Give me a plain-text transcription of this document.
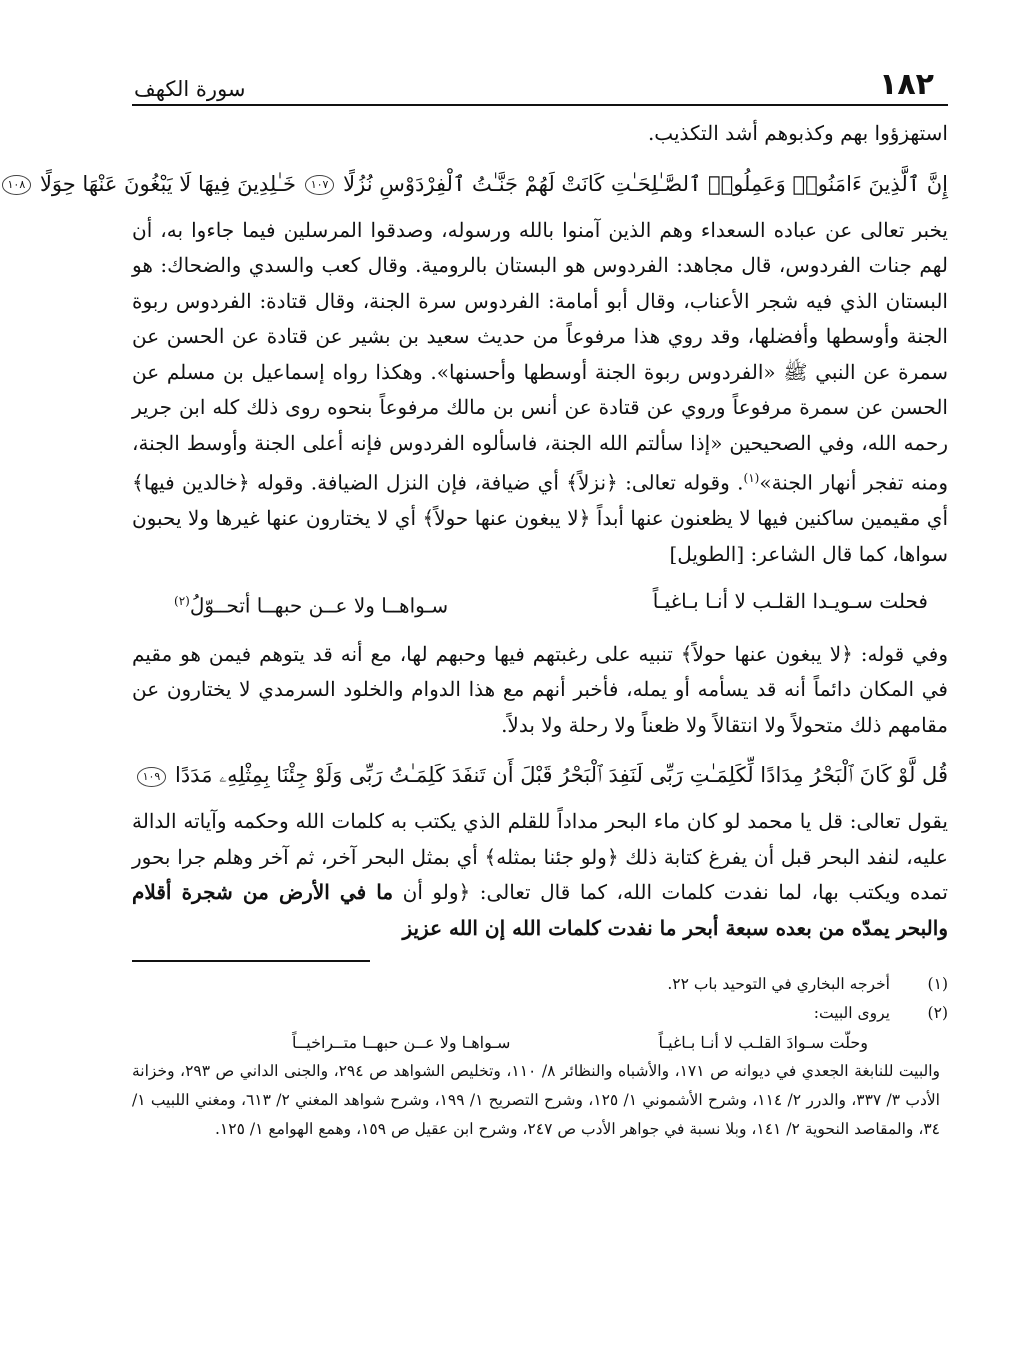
١٨٢
سورة الكهف

استهزؤوا بهم وكذبوهم أشد التكذيب.

إِنَّ ٱلَّذِينَ ءَامَنُوا۟ وَعَمِلُوا۟ ٱلصَّـٰلِحَـٰتِ كَانَتْ لَهُمْ جَنَّـٰتُ ٱلْفِرْدَوْسِ نُزُلًا ١٠٧ خَـٰلِدِينَ فِيهَا لَا يَبْغُونَ عَنْهَا حِوَلًا ١٠٨

يخبر تعالى عن عباده السعداء وهم الذين آمنوا بالله ورسوله، وصدقوا المرسلين فيما جاءوا به، أن لهم جنات الفردوس، قال مجاهد: الفردوس هو البستان بالرومية. وقال كعب والسدي والضحاك: هو البستان الذي فيه شجر الأعناب، وقال أبو أمامة: الفردوس سرة الجنة، وقال قتادة: الفردوس ربوة الجنة وأوسطها وأفضلها، وقد روي هذا مرفوعاً من حديث سعيد بن بشير عن قتادة عن الحسن عن سمرة عن النبي ﷺ «الفردوس ربوة الجنة أوسطها وأحسنها». وهكذا رواه إسماعيل بن مسلم عن الحسن عن سمرة مرفوعاً وروي عن قتادة عن أنس بن مالك مرفوعاً بنحوه روى ذلك كله ابن جرير رحمه الله، وفي الصحيحين «إذا سألتم الله الجنة، فاسألوه الفردوس فإنه أعلى الجنة وأوسط الجنة، ومنه تفجر أنهار الجنة»$^{(١)}$. وقوله تعالى: ﴿نزلاً﴾ أي ضيافة، فإن النزل الضيافة. وقوله ﴿خالدين فيها﴾ أي مقيمين ساكنين فيها لا يظعنون عنها أبداً ﴿لا يبغون عنها حولاً﴾ أي لا يختارون عنها غيرها ولا يحبون سواها، كما قال الشاعر: [الطويل]

فحلت سـويـدا القلـب لا أنـا بـاغيـاً
سـواهــا ولا عــن حبهــا أتحــوّلُ$^{(٢)}$

وفي قوله: ﴿لا يبغون عنها حولاً﴾ تنبيه على رغبتهم فيها وحبهم لها، مع أنه قد يتوهم فيمن هو مقيم في المكان دائماً أنه قد يسأمه أو يمله، فأخبر أنهم مع هذا الدوام والخلود السرمدي لا يختارون عن مقامهم ذلك متحولاً ولا انتقالاً ولا ظعناً ولا رحلة ولا بدلاً.

قُل لَّوْ كَانَ ٱلْبَحْرُ مِدَادًا لِّكَلِمَـٰتِ رَبِّى لَنَفِدَ ٱلْبَحْرُ قَبْلَ أَن تَنفَدَ كَلِمَـٰتُ رَبِّى وَلَوْ جِئْنَا بِمِثْلِهِۦ مَدَدًا ١٠٩

يقول تعالى: قل يا محمد لو كان ماء البحر مداداً للقلم الذي يكتب به كلمات الله وحكمه وآياته الدالة عليه، لنفد البحر قبل أن يفرغ كتابة ذلك ﴿ولو جئنا بمثله﴾ أي بمثل البحر آخر، ثم آخر وهلم جرا بحور تمده ويكتب بها، لما نفدت كلمات الله، كما قال تعالى: ﴿ولو أن ما في الأرض من شجرة أقلام والبحر يمدّه من بعده سبعة أبحر ما نفدت كلمات الله إن الله عزيز

(١)
أخرجه البخاري في التوحيد باب ٢٢.
(٢)
يروى البيت:
وحلّت سـوادَ القلـب لا أنـا بـاغيـاً
سـواهـا ولا عــن حبهــا متــراخيــاً

والبيت للنابغة الجعدي في ديوانه ص ١٧١، والأشباه والنظائر ٨/ ١١٠، وتخليص الشواهد ص ٢٩٤، والجنى الداني ص ٢٩٣، وخزانة الأدب ٣/ ٣٣٧، والدرر ٢/ ١١٤، وشرح الأشموني ١/ ١٢٥، وشرح التصريح ١/ ١٩٩، وشرح شواهد المغني ٢/ ٦١٣، ومغني اللبيب ١/ ٣٤، والمقاصد النحوية ٢/ ١٤١، وبلا نسبة في جواهر الأدب ص ٢٤٧، وشرح ابن عقيل ص ١٥٩، وهمع الهوامع ١/ ١٢٥.
